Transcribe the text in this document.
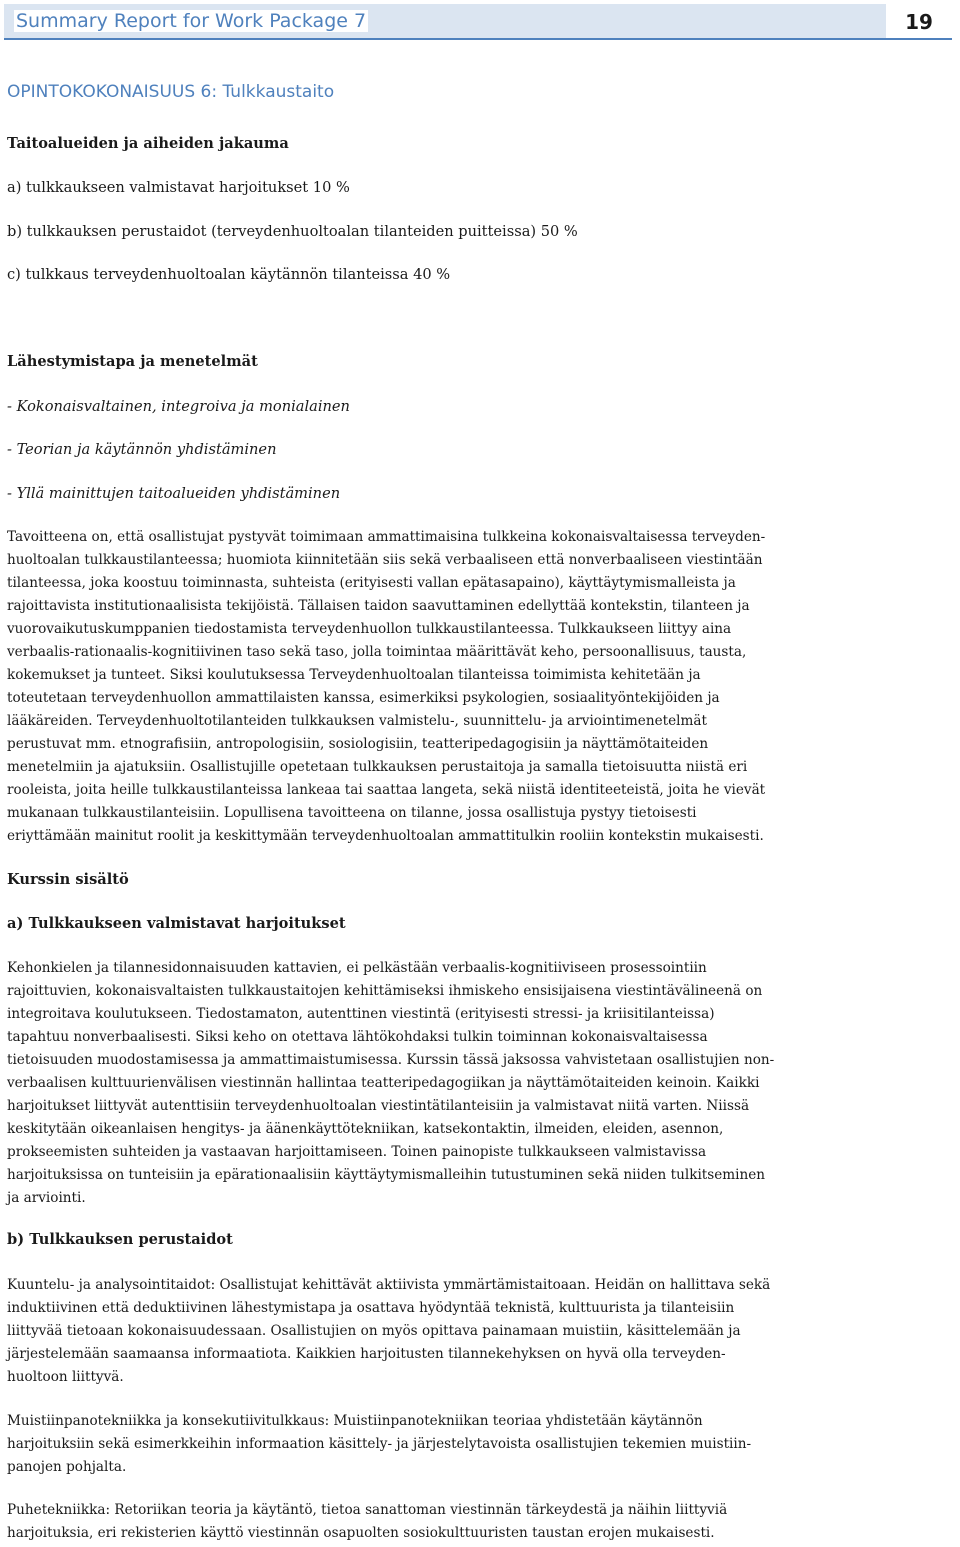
Summary Report for Work Package 7	19
OPINTOKOKONAISUUS 6: Tulkkaustaito
Taitoalueiden ja aiheiden jakauma
a) tulkkaukseen valmistavat harjoitukset 10 %
b) tulkkauksen perustaidot (terveydenhuoltoalan tilanteiden puitteissa) 50 %
c) tulkkaus terveydenhuoltoalan käytännön tilanteissa 40 %
Lähestymistapa ja menetelmät
- Kokonaisvaltainen, integroiva ja monialainen
- Teorian ja käytännön yhdistäminen
- Yllä mainittujen taitoalueiden yhdistäminen
Tavoitteena on, että osallistujat pystyvät toimimaan ammattimaisina tulkkeina kokonaisvaltaisessa terveyden-
huoltoalan tulkkaustilanteessa; huomiota kiinnitetään siis sekä verbaaliseen että nonverbaaliseen viestintään
tilanteessa, joka koostuu toiminnasta, suhteista (erityisesti vallan epätasapaino), käyttäytymismalleista ja
rajoittavista institutionaalisista tekijöistä. Tällaisen taidon saavuttaminen edellyttää kontekstin, tilanteen ja
vuorovaikutuskumppanien tiedostamista terveydenhuollon tulkkaustilanteessa. Tulkkaukseen liittyy aina
verbaalis-rationaalis-kognitiivinen taso sekä taso, jolla toimintaa määrittävät keho, persoonallisuus, tausta,
kokemukset ja tunteet. Siksi koulutuksessa Terveydenhuoltoalan tilanteissa toimimista kehitetään ja
toteutetaan terveydenhuollon ammattilaisten kanssa, esimerkiksi psykologien, sosiaalityöntekijöiden ja
lääkäreiden. Terveydenhuoltotilanteiden tulkkauksen valmistelu-, suunnittelu- ja arviointimenetelmät
perustuvat mm. etnografisiin, antropologisiin, sosiologisiin, teatteripedagogisiin ja näyttämötaiteiden
menetelmiin ja ajatuksiin. Osallistujille opetetaan tulkkauksen perustaitoja ja samalla tietoisuutta niistä eri
rooleista, joita heille tulkkaustilanteissa lankeaa tai saattaa langeta, sekä niistä identiteeteistä, joita he vievät
mukanaan tulkkaustilanteisiin. Lopullisena tavoitteena on tilanne, jossa osallistuja pystyy tietoisesti
eriyttämään mainitut roolit ja keskittymään terveydenhuoltoalan ammattitulkin rooliin kontekstin mukaisesti.
Kurssin sisältö
a) Tulkkaukseen valmistavat harjoitukset
Kehonkielen ja tilannesidonnaisuuden kattavien, ei pelkästään verbaalis-kognitiiviseen prosessointiin
rajoittuvien, kokonaisvaltaisten tulkkaustaitojen kehittämiseksi ihmiskeho ensisijaisena viestintävälineenä on
integroitava koulutukseen. Tiedostamaton, autenttinen viestintä (erityisesti stressi- ja kriisitilanteissa)
tapahtuu nonverbaalisesti. Siksi keho on otettava lähtökohdaksi tulkin toiminnan kokonaisvaltaisessa
tietoisuuden muodostamisessa ja ammattimaistumisessa. Kurssin tässä jaksossa vahvistetaan osallistujien non-
verbaalisen kulttuurienvälisen viestinnän hallintaa teatteripedagogiikan ja näyttämötaiteiden keinoin. Kaikki
harjoitukset liittyvät autenttisiin terveydenhuoltoalan viestintätilanteisiin ja valmistavat niitä varten. Niissä
keskitytään oikeanlaisen hengitys- ja äänenkäyttötekniikan, katsekontaktin, ilmeiden, eleiden, asennon,
prokseemisten suhteiden ja vastaavan harjoittamiseen. Toinen painopiste tulkkaukseen valmistavissa
harjoituksissa on tunteisiin ja epärationaalisiin käyttäytymismalleihin tutustuminen sekä niiden tulkitseminen
ja arviointi.
b) Tulkkauksen perustaidot
Kuuntelu- ja analysointitaidot: Osallistujat kehittävät aktiivista ymmärtämistaitoaan. Heidän on hallittava sekä
induktiivinen että deduktiivinen lähestymistapa ja osattava hyödyntää teknistä, kulttuurista ja tilanteisiin
liittyvää tietoaan kokonaisuudessaan. Osallistujien on myös opittava painamaan muistiin, käsittelemään ja
järjestelemään saamaansa informaatiota. Kaikkien harjoitusten tilannekehyksen on hyvä olla terveyden-
huoltoon liittyvä.
Muistiinpanotekniikka ja konsekutiivitulkkaus: Muistiinpanotekniikan teoriaa yhdistetään käytännön
harjoituksiin sekä esimerkkeihin informaation käsittely- ja järjestelytavoista osallistujien tekemien muistiin-
panojen pohjalta.
Puhetekniikka: Retoriikan teoria ja käytäntö, tietoa sanattoman viestinnän tärkeydestä ja näihin liittyviä
harjoituksia, eri rekisterien käyttö viestinnän osapuolten sosiokulttuuristen taustan erojen mukaisesti.
